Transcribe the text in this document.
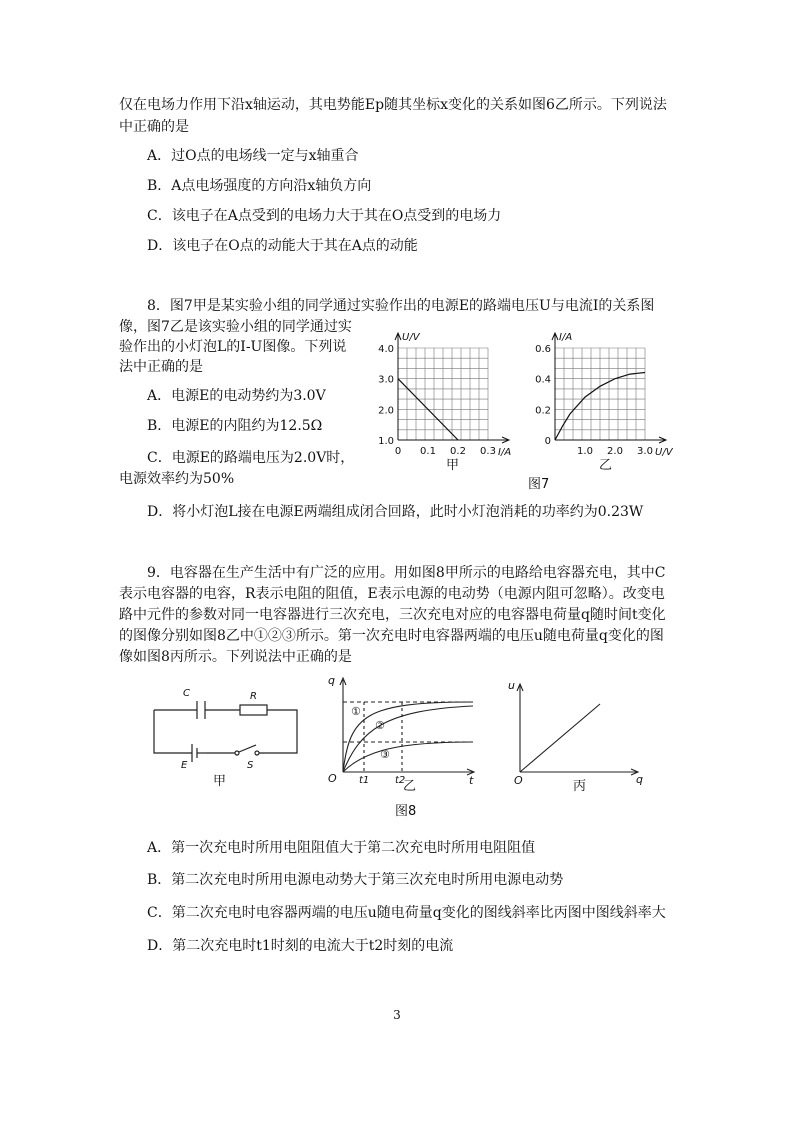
仅在电场力作用下沿x轴运动，其电势能Ep随其坐标x变化的关系如图6乙所示。下列说法
中正确的是
A．过O点的电场线一定与x轴重合
B．A点电场强度的方向沿x轴负方向
C．该电子在A点受到的电场力大于其在O点受到的电场力
D．该电子在O点的动能大于其在A点的动能
8．图7甲是某实验小组的同学通过实验作出的电源E的路端电压U与电流I的关系图
像，图7乙是该实验小组的同学通过实
验作出的小灯泡L的I-U图像。下列说
法中正确的是
A．电源E的电动势约为3.0V
B．电源E的内阻约为12.5Ω
C．电源E的路端电压为2.0V时，
电源效率约为50%
D．将小灯泡L接在电源E两端组成闭合回路，此时小灯泡消耗的功率约为0.23W
0 0.1 0.2 0.3
1.0
2.0
3.0
4.0
U/V
I/A	1.0 2.0 3.0
0
0.2
0.4
0.6
I/A
U/V
甲	乙
图7
9．电容器在生产生活中有广泛的应用。用如图8甲所示的电路给电容器充电，其中C
表示电容器的电容，R表示电阻的阻值，E表示电源的电动势（电源内阻可忽略）。改变电
路中元件的参数对同一电容器进行三次充电，三次充电对应的电容器电荷量q随时间t变化
的图像分别如图8乙中①②③所示。第一次充电时电容器两端的电压u随电荷量q变化的图
像如图8丙所示。下列说法中正确的是
C	R
E	S
甲
q
t
O t1	t2
①
②
③
乙
u
q
O	丙
图8
A．第一次充电时所用电阻阻值大于第二次充电时所用电阻阻值
B．第二次充电时所用电源电动势大于第三次充电时所用电源电动势
C．第二次充电时电容器两端的电压u随电荷量q变化的图线斜率比丙图中图线斜率大
D．第二次充电时t1时刻的电流大于t2时刻的电流
3
